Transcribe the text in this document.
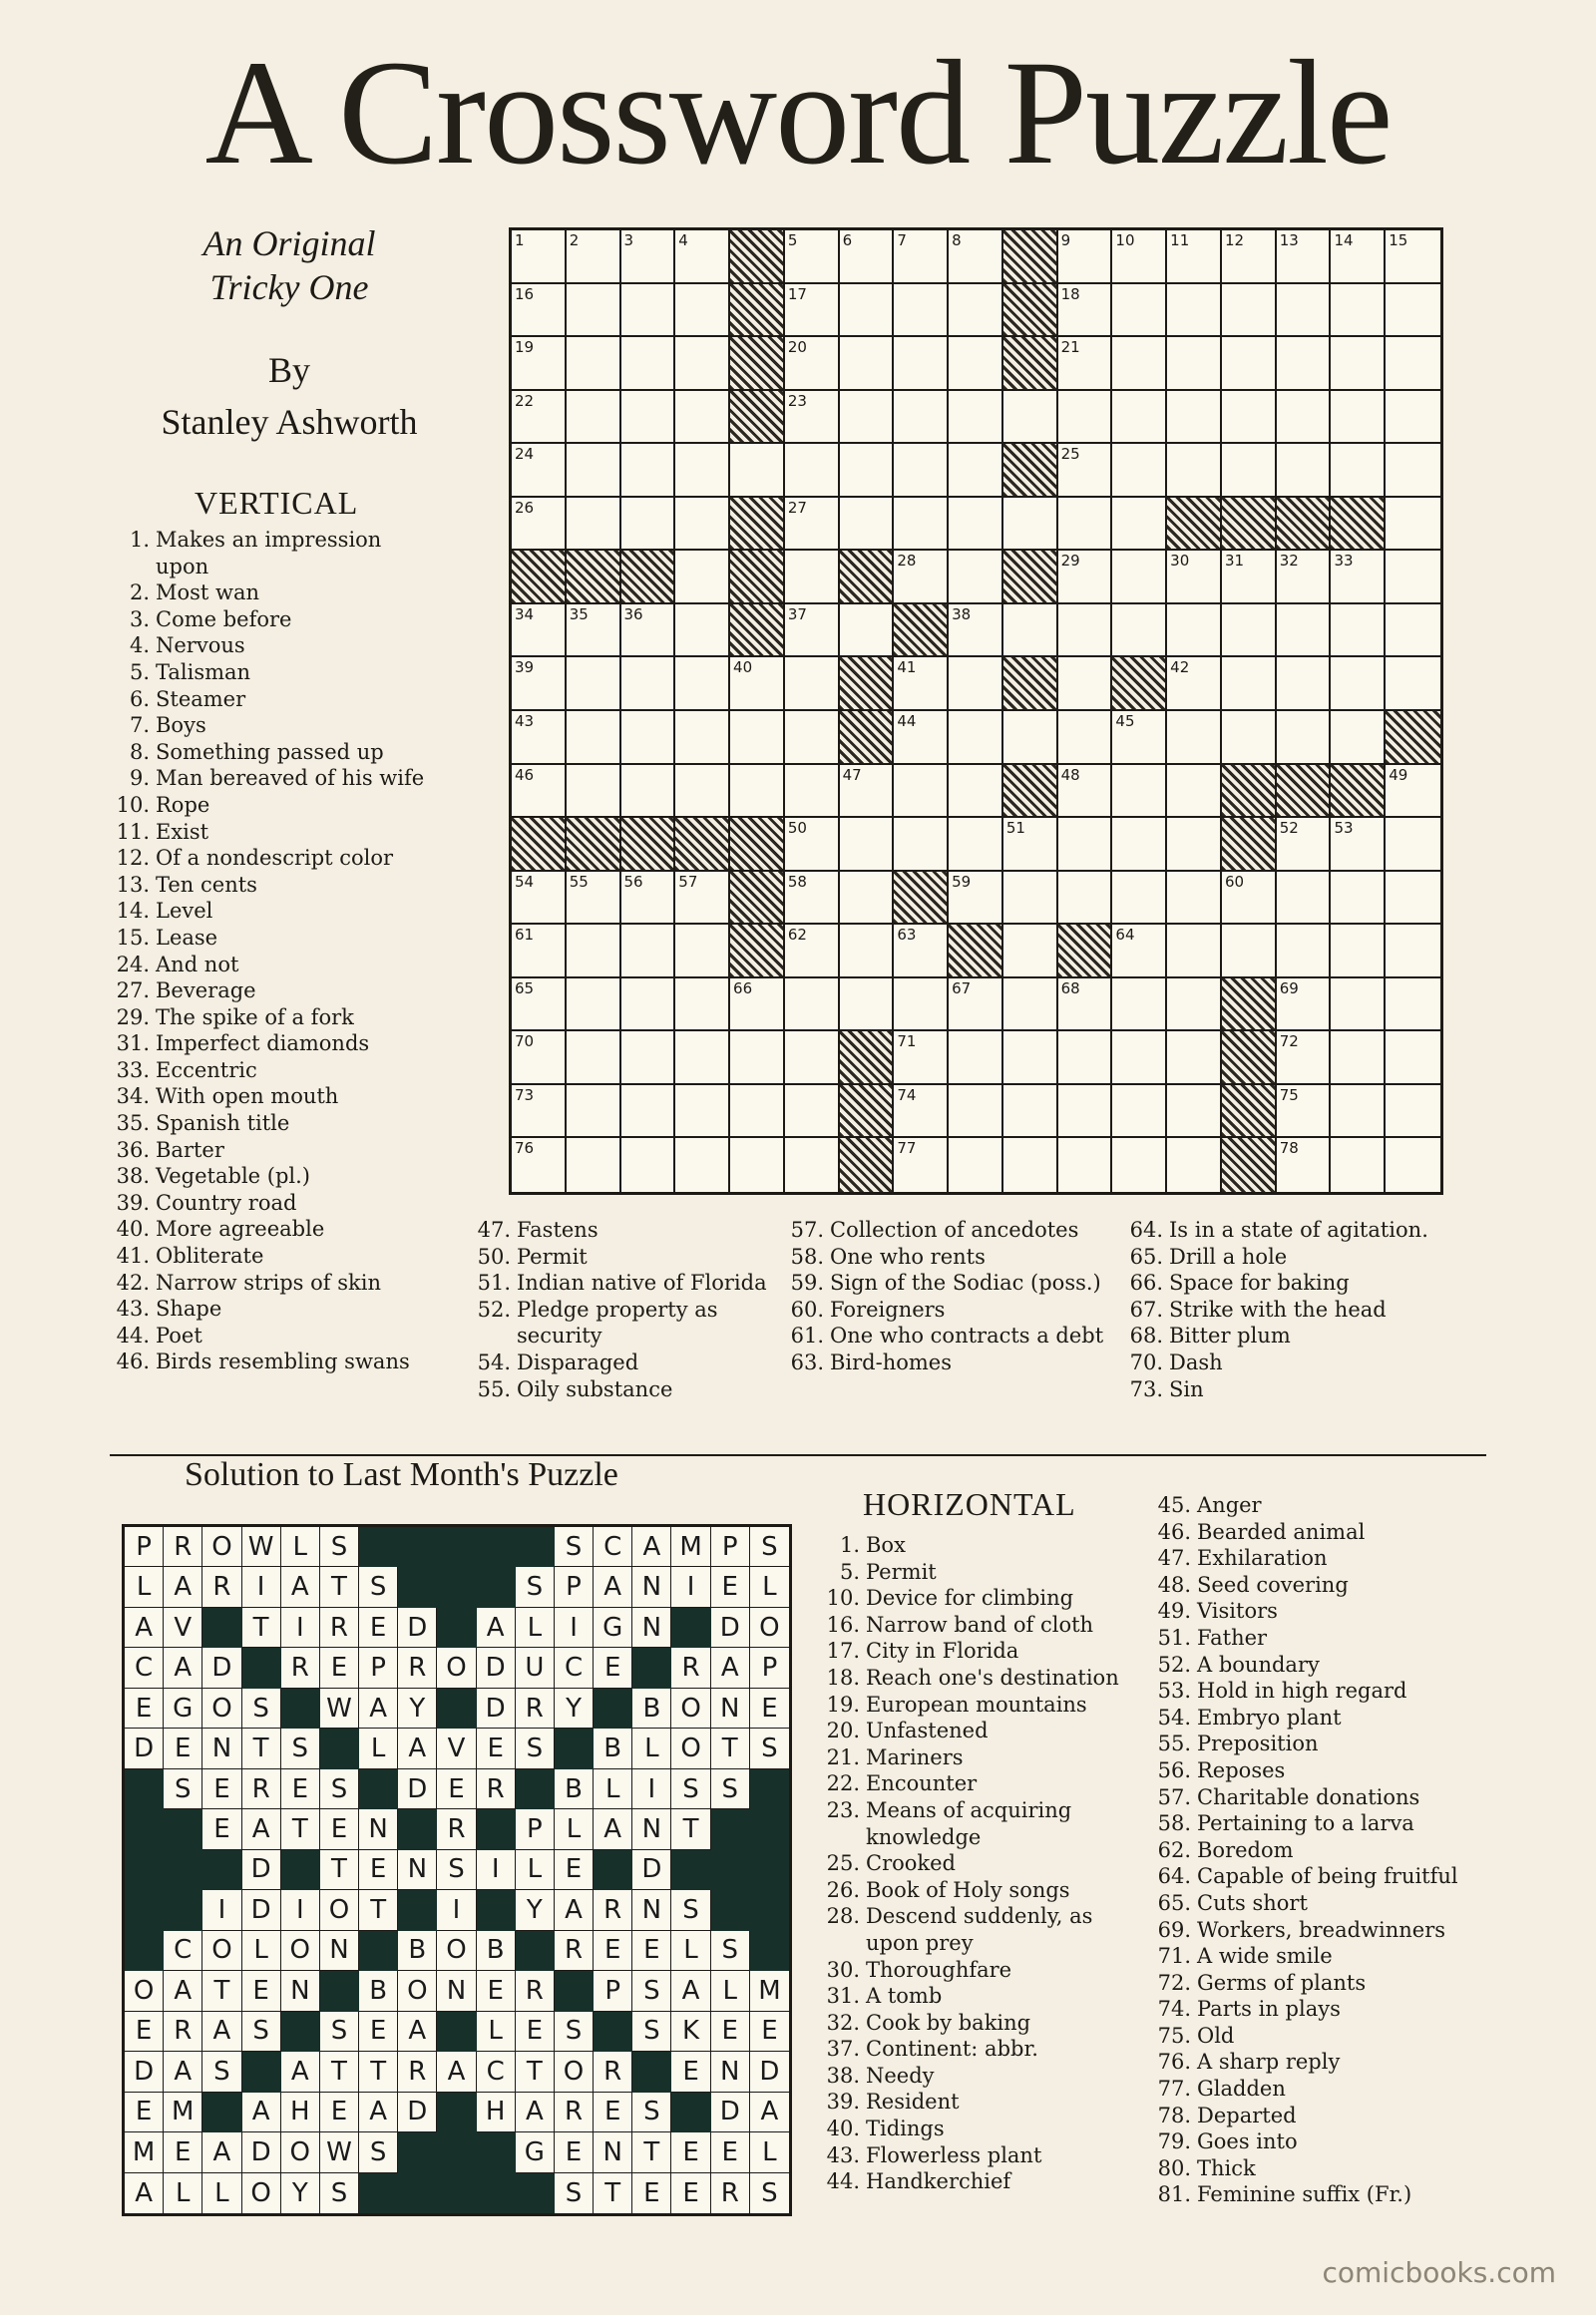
A Crossword Puzzle
An Original
Tricky One
By
Stanley Ashworth
VERTICAL
1. Makes an impression upon
2. Most wan
3. Come before
4. Nervous
5. Talisman
6. Steamer
7. Boys
8. Something passed up
9. Man bereaved of his wife
10. Rope
11. Exist
12. Of a nondescript color
13. Ten cents
14. Level
15. Lease
24. And not
27. Beverage
29. The spike of a fork
31. Imperfect diamonds
33. Eccentric
34. With open mouth
35. Spanish title
36. Barter
38. Vegetable (pl.)
39. Country road
40. More agreeable
41. Obliterate
42. Narrow strips of skin
43. Shape
44. Poet
46. Birds resembling swans
1	2	3	4	5	6	7	8	9	10 11 12 13 14 15
16	17	18
19	20	21
22	23
24	25
26	27
28	29	30 31 32 33
34 35 36	37	38
39	40	41	42
43	44	45
46	47	48	49
50	51	52 53
54 55 56 57	58	59	60
61	62	63	64
65	66	67	68	69
70	71	72
73	74	75
76	77	78
47. Fastens
50. Permit
51. Indian native of Florida
52. Pledge property as security
54. Disparaged
55. Oily substance
57. Collection of ancedotes
58. One who rents
59. Sign of the Sodiac (poss.)
60. Foreigners
61. One who contracts a debt
63. Bird-homes
64. Is in a state of agitation.
65. Drill a hole
66. Space for baking
67. Strike with the head
68. Bitter plum
70. Dash
73. Sin
Solution to Last Month's Puzzle
P R O W L S	S C A M P S
L A R	I	A T S	S P A N I	E L
A V	T	I	R E D	A L	I G N	D O
C A D	R E P R O D U C E	R A P
E G O S	W A Y	D R Y	B O N E
D E N T S	L A V E S	B L O T S
S E R E S	D E R	B L	I	S S
E A T E N	R	P L A N T
D	T E N S	I	L E	D
I D I O T	I	Y A R N S
C O L O N	B O B	R E E L S
O A T E N	B O N E R	P S A L M
E R A S	S E A	L E S	S K E E
D A S	A T T R A C T O R	E N D
E M	A H E A D	H A R E S	D A
M E A D O W S	G E N T E E L
A L L O Y S	S T E E R S
HORIZONTAL
1. Box
5. Permit
10. Device for climbing
16. Narrow band of cloth
17. City in Florida
18. Reach one's destination
19. European mountains
20. Unfastened
21. Mariners
22. Encounter
23. Means of acquiring knowledge
25. Crooked
26. Book of Holy songs
28. Descend suddenly, as upon prey
30. Thoroughfare
31. A tomb
32. Cook by baking
37. Continent: abbr.
38. Needy
39. Resident
40. Tidings
43. Flowerless plant
44. Handkerchief
45. Anger
46. Bearded animal
47. Exhilaration
48. Seed covering
49. Visitors
51. Father
52. A boundary
53. Hold in high regard
54. Embryo plant
55. Preposition
56. Reposes
57. Charitable donations
58. Pertaining to a larva
62. Boredom
64. Capable of being fruitful
65. Cuts short
69. Workers, breadwinners
71. A wide smile
72. Germs of plants
74. Parts in plays
75. Old
76. A sharp reply
77. Gladden
78. Departed
79. Goes into
80. Thick
81. Feminine suffix (Fr.)
comicbooks.com
